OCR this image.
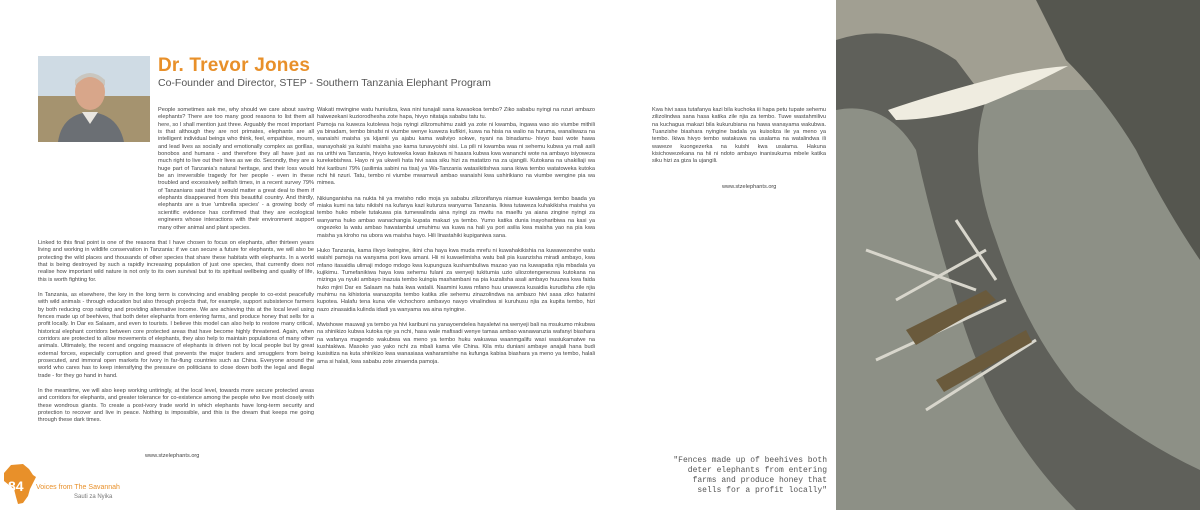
Dr. Trevor Jones
Co-Founder and Director, STEP - Southern Tanzania Elephant Program

People sometimes ask me, why should we care about saving elephants? There are too many good reasons to list them all here, so I shall mention just three. Arguably the most important is that although they are not primates, elephants are all intelligent individual beings who think, feel, empathise, mourn, and lead lives as socially and emotionally complex as gorillas, bonobos and humans - and therefore they all have just as much right to live out their lives as we do. Secondly, they are a huge part of Tanzania's natural heritage, and their loss would be an irreversible tragedy for her people - even in these troubled and excessively selfish times, in a recent survey 79% of Tanzanians said that it would matter a great deal to them if elephants disappeared from this beautiful country. And thirdly, elephants are a true 'umbrella species' - a growing body of scientific evidence has confirmed that they are ecological engineers whose interactions with their environment support many other animal and plant species.

Linked to this final point is one of the reasons that I have chosen to focus on elephants, after thirteen years living and working in wildlife conservation in Tanzania: if we can secure a future for elephants, we will also be protecting the wild places and thousands of other species that share these habitats with elephants. In a world that is being destroyed by such a rapidly increasing population of just one species, that currently does not realise how important wild nature is not only to its own survival but to its spiritual wellbeing and quality of life, this is worth fighting for.

In Tanzania, as elsewhere, the key in the long term is convincing and enabling people to co-exist peacefully with wild animals - through education but also through projects that, for example, support subsistence farmers by both reducing crop raiding and providing alternative income. We are achieving this at the local level using fences made up of beehives, that both deter elephants from entering farms, and produce honey that sells for a profit locally. In Dar es Salaam, and even to tourists. I believe this model can also help to restore many critical, historical elephant corridors between core protected areas that have become highly threatened. Again, when corridors are protected to allow movements of elephants, they also help to maintain populations of many other animals. Ultimately, the recent and ongoing massacre of elephants is driven not by local people but by great external forces, especially corruption and greed that prevents the major traders and smugglers from being prosecuted, and immoral open markets for ivory in far-flung countries such as China. Everyone around the world who cares has to keep intensifying the pressure on politicians to close down both the legal and illegal trade - for they go hand in hand.

In the meantime, we will also keep working untiringly, at the local level, towards more secure protected areas and corridors for elephants, and greater tolerance for co-existence among the people who live most closely with these wondrous giants. To create a post-ivory trade world in which elephants have long-term security and protection to recover and live in peace. Nothing is impossible, and this is the dream that keeps me going through these dark times.

www.stzelephants.org

Wakati mwingine watu huniuliza, kwa nini tunajali sana kuwaokoa tembo? Ziko sababu nyingi na nzuri ambazo haiwezekani kuziorodhesha zote hapa, hivyo nitataja sababu tatu tu.

Pamoja na kuweza kutolewa hoja nyingi zilizomuhimu zaidi ya zote ni kwamba, ingawa wao sio viumbe mithili ya binadam, tembo binafsi ni viumbe wenye kuweza kufikiri, kuwa na hisia na walio na huruma, wanaliwaza na wanaishi maisha ya kijamii ya ajabu kama waliviyo sokwe, nyani na binadamu- hivyo basi wote hawa wanayohaki ya kuishi maisha yao kama tunavyoishi sisi. La pili ni kwamba waa ni sehemu kubwa ya mali asili na urithi wa Tanzania, hivyo kutoweka kwao itakuwa ni hasara kubwa kwa wananchi wote na ambayo isiyoweza kurekebishwa. Hayo ni ya ukweli hata hivi sasa siku hizi za matatizo na za ujangili. Kutokana na uhakiliaji wa hivi karibuni 79% (asilimia sabini na tisa) ya Wa-Tanzania watasikitishwa sana ikiwa tembo watatoweka kutoka nchi hii nzuri. Tatu, tembo ni viumbe mwamvuli ambao wanaishi kwa ushirikiano na viumbe wengine pia wa mimea.

Nikiunganisha na nukta hii ya mwisho ndio moja ya sababu zilizonifanya niamue kuwalenga tembo baada ya miaka kumi na tatu nikiishi na kufanya kazi kutunza wanyama Tanzania. Ikiwa tutaweza kuhakikisha maisha ya tembo huko mbele tutakuwa pia tumewalinda aina nyingi za mwitu na maelfu ya aiana zingine nyingi za wanyama huko ambao wanachangia kupata makazi ya tembo. Yumo katika dunia inayoharibiwa na kasi ya ongezeko la watu ambao hawatambui umuhimu wa kuwa na hali ya pori asilia kwa maisha yao na pia kwa maisha ya kiroho na ubora wa maisha hayo. Hili linastahiki kupiganiwa sana.

Huko Tanzania, kama ilivyo kwingine, ikini cha haya kwa muda mrefu ni kuwahakikishia na kuwawezeshe watu waishi pamoja na wanyama pori kwa amani. Hii ni kuwaelimisha watu bali pia kuanzisha miradi ambayo, kwa mfano itasaidia ulimaji mdogo mdogo kwa kupunguza kushambuliwa mazao yao na kuwapatia njia mbadala ya kujikimu. Tumefanikiwa haya kwa sehemu fulani za wenyeji tukitumia uzio uliozotengenezwa kutokana na mizinga ya nyuki ambayo inazuia tembo kuingia mashambani na pia kuzalisha asali ambayo huuzwa kwa faida huko mjini Dar es Salaam na hata kwa watalii. Naamini kuwa mfano huu unaweza kusaidia kurudisha zile njia muhimu na kihistoria wanazopita tembo katika zile sehemu zinazolindwa na ambazo hivi sasa ziko hatarini kupotea. Halafu tena kuna vile vichochoro ambavyo navyo vinalindwa si kuruhusu njia za kupita tembo, hizi nazo zinasaidia kulinda idadi ya wanyama wa aina nyingine.

Mwishowe mauwaji ya tembo ya hivi karibuni na yanayoendelea hayaletwi na wenyeji bali na msukumo mkubwa na shinikizo kubwa kutoka nje ya nchi, hasa wale mafisadi wenye tamaa ambao wanawaruzia wafanyi biashara na wafanya magendo wakubwa wa meno ya tembo huku wakuwaa waanmgalifu wasi wasiukamatwe na kushtakiwa. Masoko yao yako nchi za mbali kama vile China. Kila mtu duniani ambaye anajali hana budi kusisitiza na kuta shinikizo kwa wanasiasa waharamishe na kufunga kabisa biashara ya meno ya tembo, halali ama si halali, kwa sababu zote zinaenda pamoja.

Kwa hivi sasa tutafanya kazi bila kuchoka iii hapa petu tupate sehemu zilizolindwa sana hasa katika zile njia za tembo. Tuwe wastahmilivu na kuchagua makazi bila kukurubiana na hawa wanayama wakubwa. Tuanzishe biashara nyingine badala ya kuisoliza ile ya meno ya tembo. Ikiwa hivyo tembo watakuwa na usalama na watalindwa ili waweze kuongezerka na kuishi kwa usalama. Hakuna kisichowezekana na hii ni ndoto ambayo inanisukuma mbele katika siku hizi za giza la ujangili.

www.stzelephants.org
"Fences made up of beehives both deter elephants from entering farms and produce honey that sells for a profit locally"
84 Voices from The Savannah
Sauti za Nyika
